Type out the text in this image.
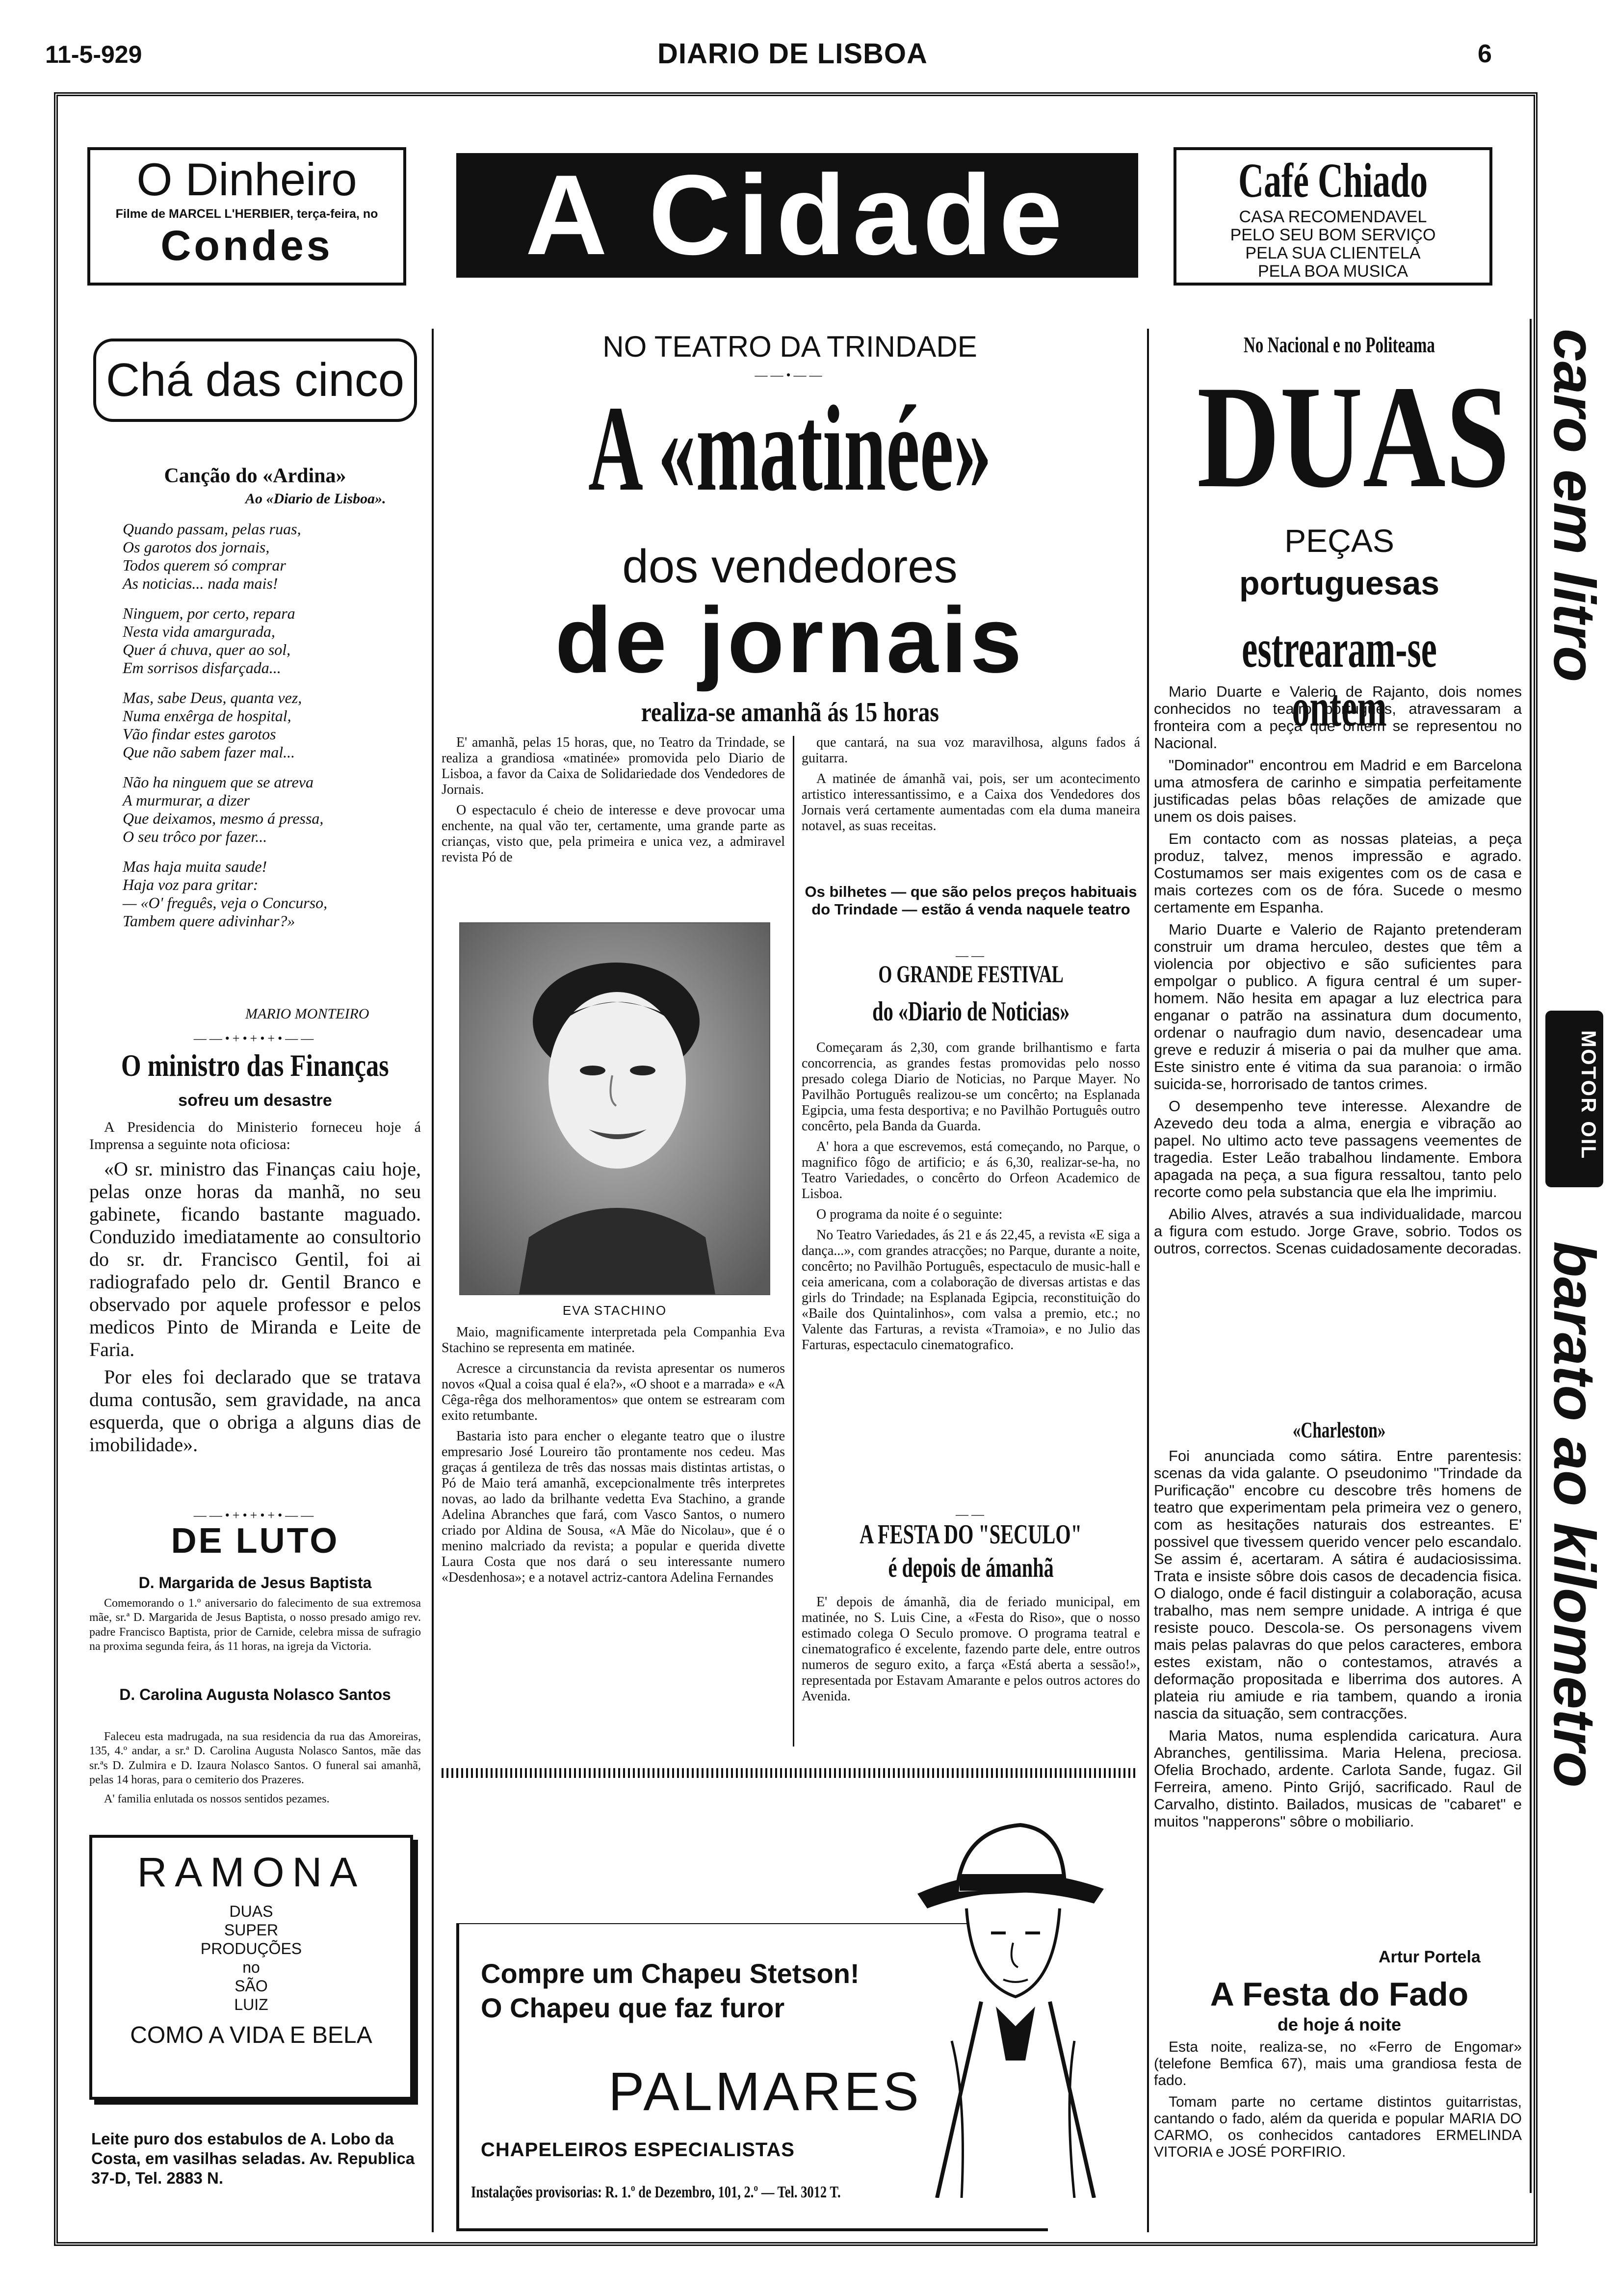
11-5-929	DIARIO DE LISBOA	6
O Dinheiro
Filme de MARCEL L'HERBIER, terça-feira, no
Condes	A Cidade	Café Chiado
CASA RECOMENDAVEL
PELO SEU BOM SERVIÇO
PELA SUA CLIENTELA
PELA BOA MUSICA
Chá das cinco
Canção do «Ardina»
Ao «Diario de Lisboa».
Quando passam, pelas ruas,
Os garotos dos jornais,
Todos querem só comprar
As noticias... nada mais!
Ninguem, por certo, repara
Nesta vida amargurada,
Quer á chuva, quer ao sol,
Em sorrisos disfarçada...
Mas, sabe Deus, quanta vez,
Numa enxêrga de hospital,
Vão findar estes garotos
Que não sabem fazer mal...
Não ha ninguem que se atreva
A murmurar, a dizer
Que deixamos, mesmo á pressa,
O seu trôco por fazer...
Mas haja muita saude!
Haja voz para gritar:
— «O' freguês, veja o Concurso,
Tambem quere adivinhar?»
MARIO MONTEIRO
——•+•+•+•——
O ministro das Finanças
sofreu um desastre

A Presidencia do Ministerio forneceu hoje á Imprensa a seguinte nota oficiosa:

«O sr. ministro das Finanças caiu hoje, pelas onze horas da manhã, no seu gabinete, ficando bastante maguado. Conduzido imediatamente ao consultorio do sr. dr. Francisco Gentil, foi ai radiografado pelo dr. Gentil Branco e observado por aquele professor e pelos medicos Pinto de Miranda e Leite de Faria.

Por eles foi declarado que se tratava duma contusão, sem gravidade, na anca esquerda, que o obriga a alguns dias de imobilidade».

——•+•+•+•——
DE LUTO
D. Margarida de Jesus Baptista

Comemorando o 1.º aniversario do falecimento de sua extremosa mãe, sr.ª D. Margarida de Jesus Baptista, o nosso presado amigo rev. padre Francisco Baptista, prior de Carnide, celebra missa de sufragio na proxima segunda feira, ás 11 horas, na igreja da Victoria.

D. Carolina Augusta Nolasco Santos

Faleceu esta madrugada, na sua residencia da rua das Amoreiras, 135, 4.º andar, a sr.ª D. Carolina Augusta Nolasco Santos, mãe das sr.ªs D. Zulmira e D. Izaura Nolasco Santos. O funeral sai amanhã, pelas 14 horas, para o cemiterio dos Prazeres.

A' familia enlutada os nossos sentidos pezames.

RAMONA
DUAS
SUPER
PRODUÇÕES
no
SÃO
LUIZ
COMO A VIDA E BELA
Leite puro dos estabulos de A. Lobo da Costa, em vasilhas seladas. Av. Republica 37-D, Tel. 2883 N.
NO TEATRO DA TRINDADE
——•——
A «matinée»
dos vendedores
de jornais
realiza-se amanhã ás 15 horas

E' amanhã, pelas 15 horas, que, no Teatro da Trindade, se realiza a grandiosa «matinée» promovida pelo Diario de Lisboa, a favor da Caixa de Solidariedade dos Vendedores de Jornais.

O espectaculo é cheio de interesse e deve provocar uma enchente, na qual vão ter, certamente, uma grande parte as crianças, visto que, pela primeira e unica vez, a admiravel revista Pó de

EVA STACHINO

Maio, magnificamente interpretada pela Companhia Eva Stachino se representa em matinée.

Acresce a circunstancia da revista apresentar os numeros novos «Qual a coisa qual é ela?», «O shoot e a marrada» e «A Cêga-rêga dos melhoramentos» que ontem se estrearam com exito retumbante.

Bastaria isto para encher o elegante teatro que o ilustre empresario José Loureiro tão prontamente nos cedeu. Mas graças á gentileza de três das nossas mais distintas artistas, o Pó de Maio terá amanhã, excepcionalmente três interpretes novas, ao lado da brilhante vedetta Eva Stachino, a grande Adelina Abranches que fará, com Vasco Santos, o numero criado por Aldina de Sousa, «A Mãe do Nicolau», que é o menino malcriado da revista; a popular e querida divette Laura Costa que nos dará o seu interessante numero «Desdenhosa»; e a notavel actriz-cantora Adelina Fernandes

que cantará, na sua voz maravilhosa, alguns fados á guitarra.

A matinée de ámanhã vai, pois, ser um acontecimento artistico interessantissimo, e a Caixa dos Vendedores dos Jornais verá certamente aumentadas com ela duma maneira notavel, as suas receitas.

Os bilhetes — que são pelos preços habituais do Trindade — estão á venda naquele teatro
——
O GRANDE FESTIVAL
do «Diario de Noticias»

Começaram ás 2,30, com grande brilhantismo e farta concorrencia, as grandes festas promovidas pelo nosso presado colega Diario de Noticias, no Parque Mayer. No Pavilhão Português realizou-se um concêrto; na Esplanada Egipcia, uma festa desportiva; e no Pavilhão Português outro concêrto, pela Banda da Guarda.

A' hora a que escrevemos, está começando, no Parque, o magnifico fôgo de artificio; e ás 6,30, realizar-se-ha, no Teatro Variedades, o concêrto do Orfeon Academico de Lisboa.

O programa da noite é o seguinte:

No Teatro Variedades, ás 21 e ás 22,45, a revista «E siga a dança...», com grandes atracções; no Parque, durante a noite, concêrto; no Pavilhão Português, espectaculo de music-hall e ceia americana, com a colaboração de diversas artistas e das girls do Trindade; na Esplanada Egipcia, reconstituição do «Baile dos Quintalinhos», com valsa a premio, etc.; no Valente das Farturas, a revista «Tramoia», e no Julio das Farturas, espectaculo cinematografico.

——
A FESTA DO "SECULO"
é depois de ámanhã

E' depois de ámanhã, dia de feriado municipal, em matinée, no S. Luis Cine, a «Festa do Riso», que o nosso estimado colega O Seculo promove. O programa teatral e cinematografico é excelente, fazendo parte dele, entre outros numeros de seguro exito, a farça «Está aberta a sessão!», representada por Estavam Amarante e pelos outros actores do Avenida.

Compre um Chapeu Stetson!
O Chapeu que faz furor
PALMARES
CHAPELEIROS ESPECIALISTAS
Instalações provisorias: R. 1.º de Dezembro, 101, 2.º — Tel. 3012 T.
No Nacional e no Politeama
DUAS
PEÇAS
portuguesas
estrearam-se ontem

Mario Duarte e Valerio de Rajanto, dois nomes conhecidos no teatro português, atravessaram a fronteira com a peça que ontem se representou no Nacional.

"Dominador" encontrou em Madrid e em Barcelona uma atmosfera de carinho e simpatia perfeitamente justificadas pelas bôas relações de amizade que unem os dois paises.

Em contacto com as nossas plateias, a peça produz, talvez, menos impressão e agrado. Costumamos ser mais exigentes com os de casa e mais cortezes com os de fóra. Sucede o mesmo certamente em Espanha.

Mario Duarte e Valerio de Rajanto pretenderam construir um drama herculeo, destes que têm a violencia por objectivo e são suficientes para empolgar o publico. A figura central é um super-homem. Não hesita em apagar a luz electrica para enganar o patrão na assinatura dum documento, ordenar o naufragio dum navio, desencadear uma greve e reduzir á miseria o pai da mulher que ama. Este sinistro ente é vitima da sua paranoia: o irmão suicida-se, horrorisado de tantos crimes.

O desempenho teve interesse. Alexandre de Azevedo deu toda a alma, energia e vibração ao papel. No ultimo acto teve passagens veementes de tragedia. Ester Leão trabalhou lindamente. Embora apagada na peça, a sua figura ressaltou, tanto pelo recorte como pela substancia que ela lhe imprimiu.

Abilio Alves, através a sua individualidade, marcou a figura com estudo. Jorge Grave, sobrio. Todos os outros, correctos. Scenas cuidadosamente decoradas.

«Charleston»

Foi anunciada como sátira. Entre parentesis: scenas da vida galante. O pseudonimo "Trindade da Purificação" encobre cu descobre três homens de teatro que experimentam pela primeira vez o genero, com as hesitações naturais dos estreantes. E' possivel que tivessem querido vencer pelo escandalo. Se assim é, acertaram. A sátira é audaciosissima. Trata e insiste sôbre dois casos de decadencia fisica. O dialogo, onde é facil distinguir a colaboração, acusa trabalho, mas nem sempre unidade. A intriga é que resiste pouco. Descola-se. Os personagens vivem mais pelas palavras do que pelos caracteres, embora estes existam, não o contestamos, através a deformação propositada e liberrima dos autores. A plateia riu amiude e ria tambem, quando a ironia nascia da situação, sem contracções.

Maria Matos, numa esplendida caricatura. Aura Abranches, gentilissima. Maria Helena, preciosa. Ofelia Brochado, ardente. Carlota Sande, fugaz. Gil Ferreira, ameno. Pinto Grijó, sacrificado. Raul de Carvalho, distinto. Bailados, musicas de "cabaret" e muitos "napperons" sôbre o mobiliario.

Artur Portela
A Festa do Fado
de hoje á noite

Esta noite, realiza-se, no «Ferro de Engomar» (telefone Bemfica 67), mais uma grandiosa festa de fado.

Tomam parte no certame distintos guitarristas, cantando o fado, além da querida e popular MARIA DO CARMO, os conhecidos cantadores ERMELINDA VITORIA e JOSÉ PORFIRIO.

caro em litro
MOTOR OIL
barato ao kilometro
